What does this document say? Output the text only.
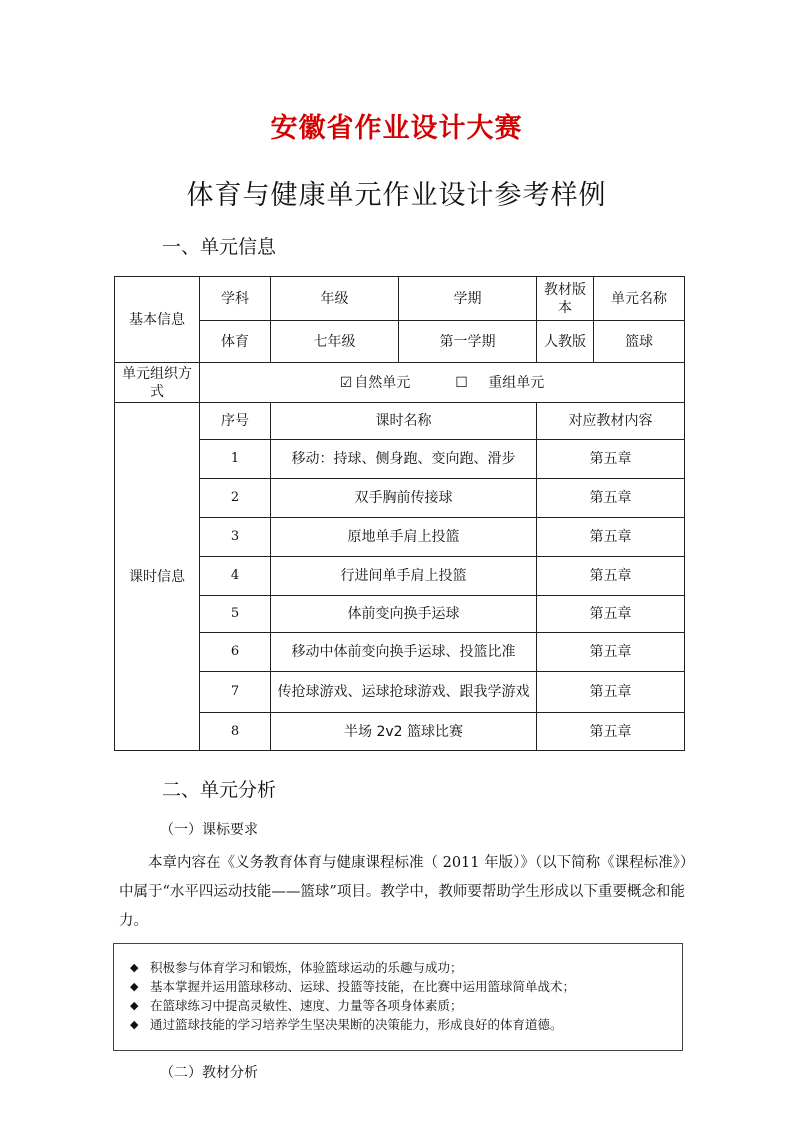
安徽省作业设计大赛
体育与健康单元作业设计参考样例
一、单元信息
基本信息	学科	年级	学期	教材版本	单元名称
	体育	七年级	第一学期	人教版	篮球
单元组织方式	☑ 自然单元 ☐ 重组单元				
课时信息	序号	课时名称		对应教材内容	
	1	移动：持球、侧身跑、变向跑、滑步		第五章	
	2	双手胸前传接球		第五章	
	3	原地单手肩上投篮		第五章	
	4	行进间单手肩上投篮		第五章	
	5	体前变向换手运球		第五章	
	6	移动中体前变向换手运球、投篮比准		第五章	
	7	传抢球游戏、运球抢球游戏、跟我学游戏		第五章	
	8	半场 2v2 篮球比赛		第五章	
二、单元分析
（一）课标要求
本章内容在《义务教育体育与健康课程标准（ 2011 年版）》（以下简称《课程标准》）中属于“水平四运动技能——篮球”项目。教学中，教师要帮助学生形成以下重要概念和能力。
◆ 积极参与体育学习和锻炼，体验篮球运动的乐趣与成功；
◆ 基本掌握并运用篮球移动、运球、投篮等技能，在比赛中运用篮球简单战术；
◆ 在篮球练习中提高灵敏性、速度、力量等各项身体素质；
◆ 通过篮球技能的学习培养学生坚决果断的决策能力，形成良好的体育道德。
（二）教材分析
